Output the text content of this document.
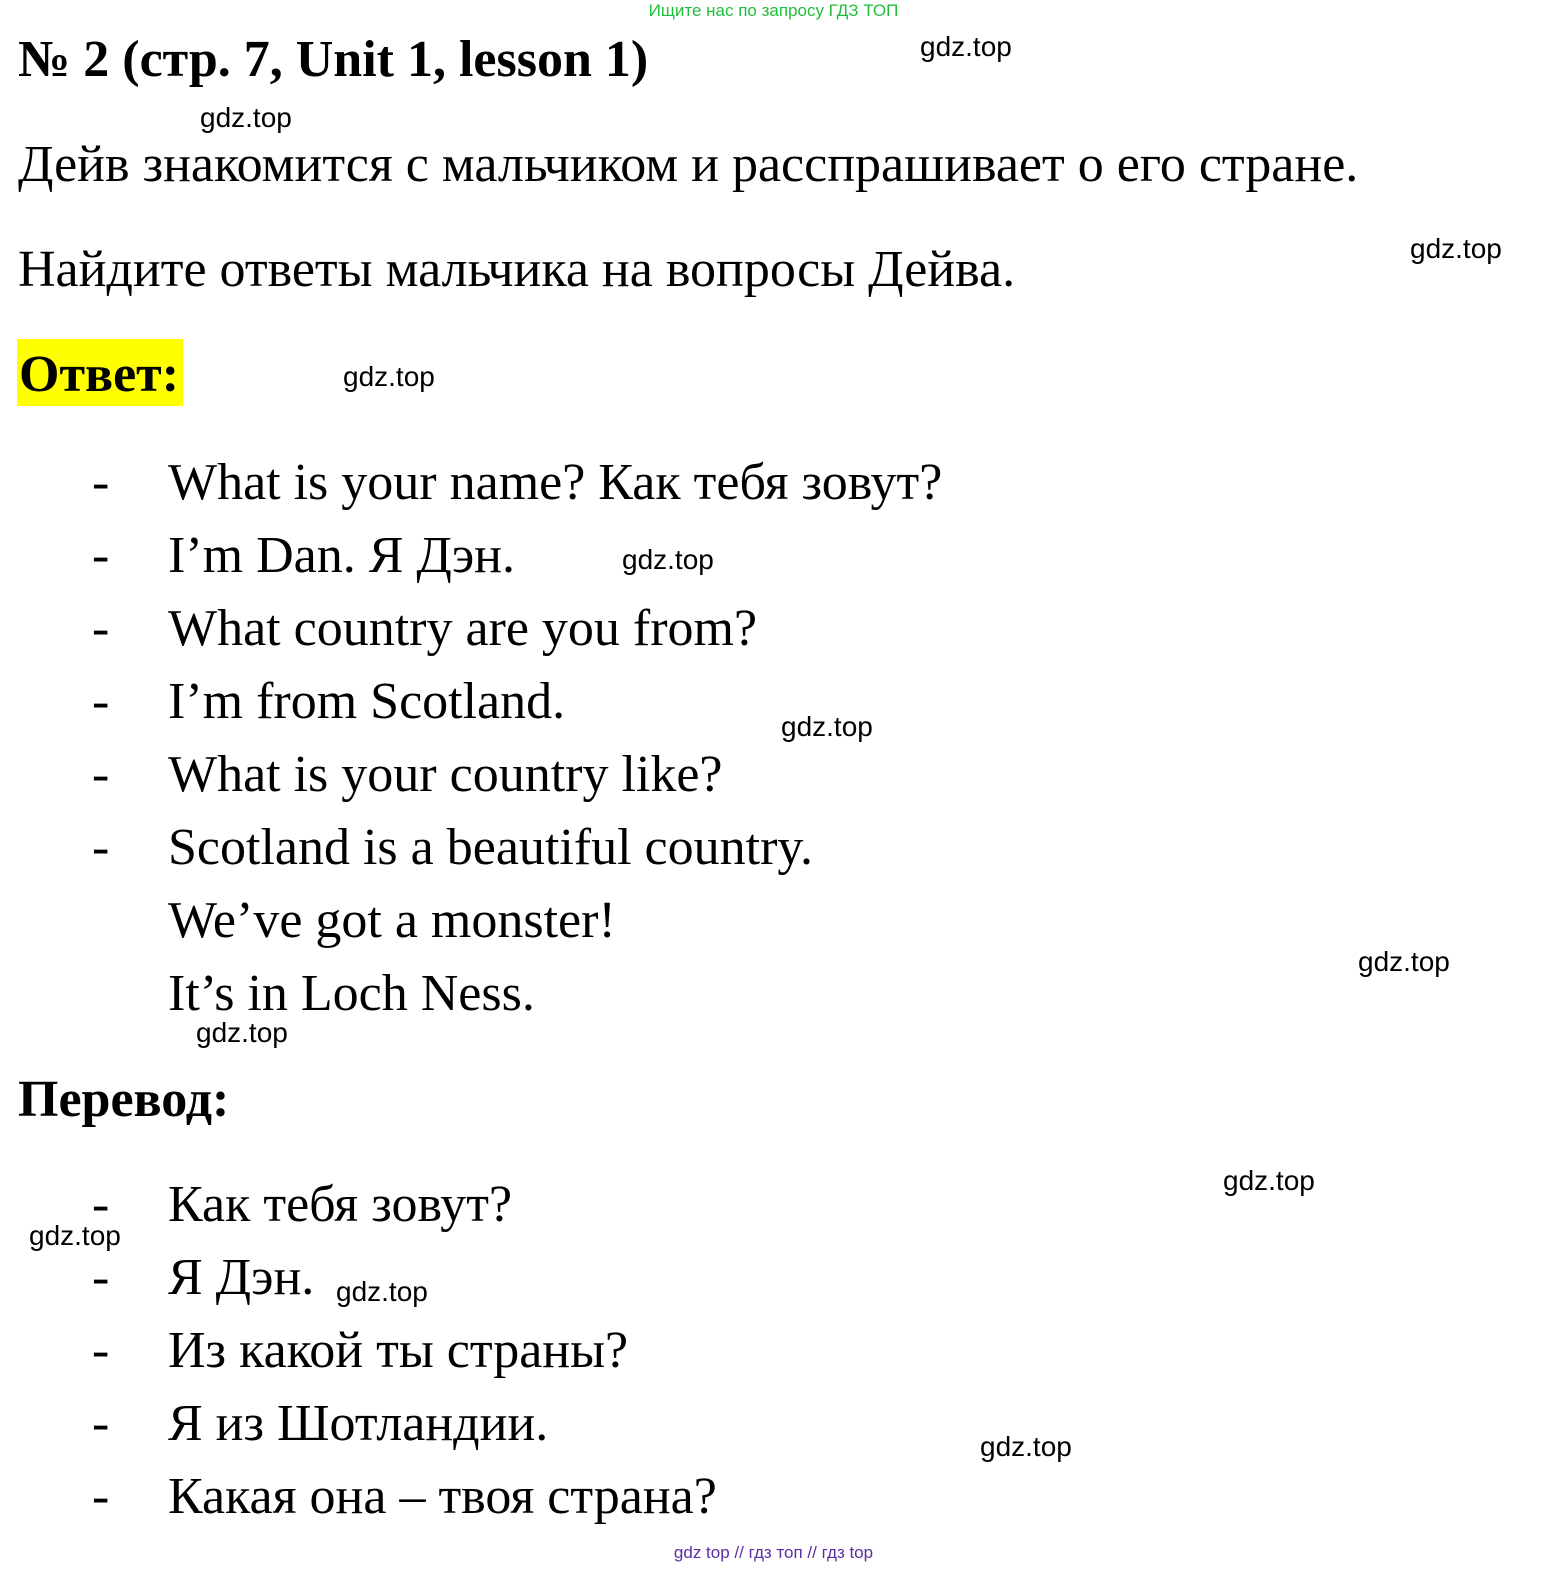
Ищите нас по запросу ГДЗ ТОП
№ 2 (стр. 7, Unit 1, lesson 1)
Дейв знакомится с мальчиком и расспрашивает о его стране.
Найдите ответы мальчика на вопросы Дейва.
Ответ:
- What is your name? Как тебя зовут?
- I’m Dan. Я Дэн.
- What country are you from?
- I’m from Scotland.
- What is your country like?
- Scotland is a beautiful country.
We’ve got a monster!
It’s in Loch Ness.
Перевод:
- Как тебя зовут?
- Я Дэн.
- Из какой ты страны?
- Я из Шотландии.
- Какая она – твоя страна?
gdz.top
gdz.top
gdz.top
gdz.top
gdz.top
gdz.top
gdz.top
gdz.top
gdz.top
gdz.top
gdz.top
gdz.top
gdz top // гдз топ // гдз top
